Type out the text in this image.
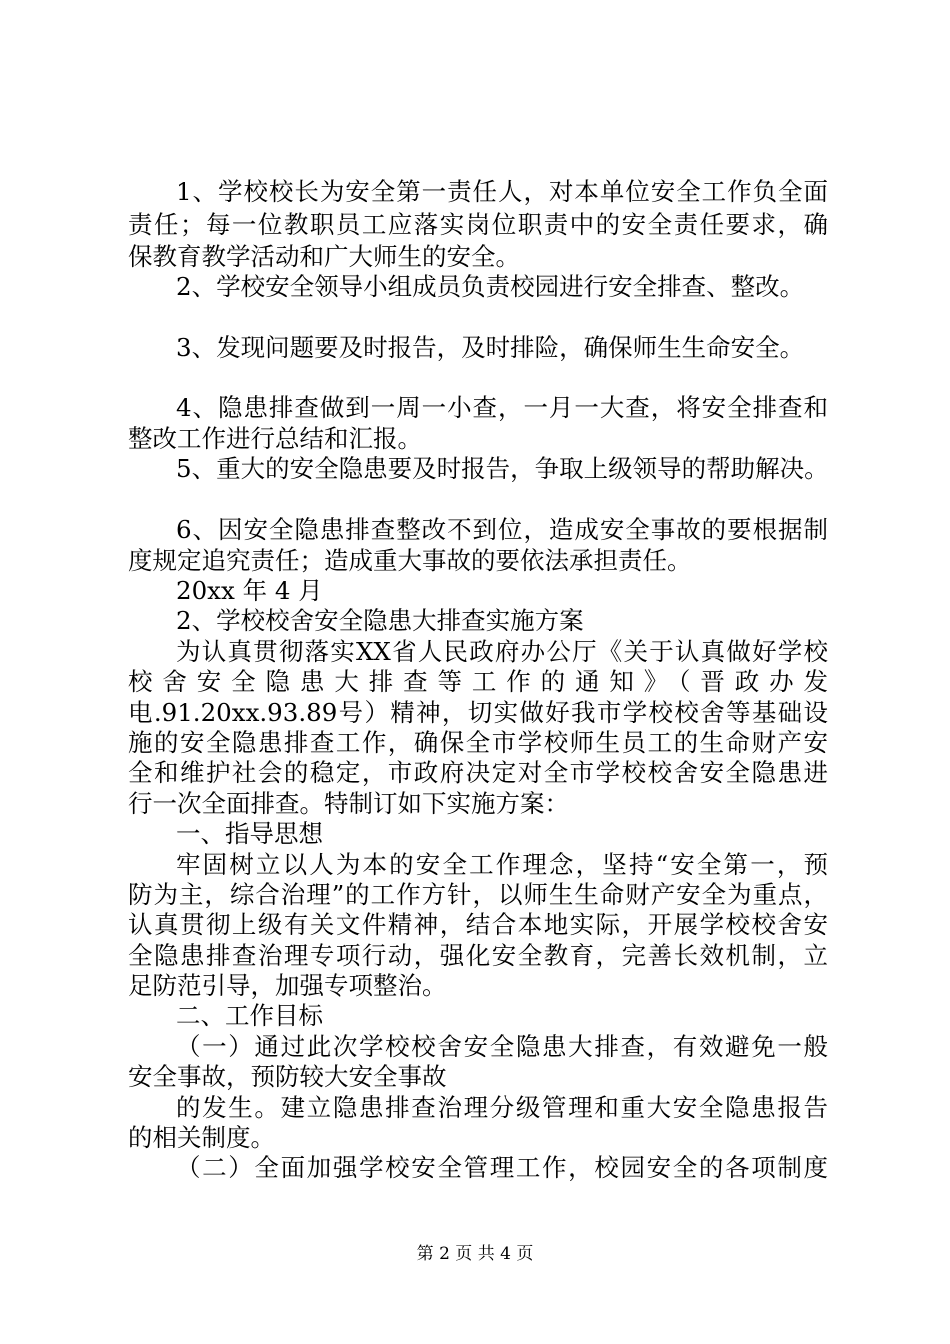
1、学校校长为安全第一责任人，对本单位安全工作负全面
责任；每一位教职员工应落实岗位职责中的安全责任要求，确
保教育教学活动和广大师生的安全。
2、学校安全领导小组成员负责校园进行安全排查、整改。
3、发现问题要及时报告，及时排险，确保师生生命安全。
4、隐患排查做到一周一小查，一月一大查，将安全排查和
整改工作进行总结和汇报。
5、重大的安全隐患要及时报告，争取上级领导的帮助解决。
6、因安全隐患排查整改不到位，造成安全事故的要根据制
度规定追究责任；造成重大事故的要依法承担责任。
20xx 年 4 月
2、学校校舍安全隐患大排查实施方案
为认真贯彻落实XX省人民政府办公厅《关于认真做好学校
校舍安全隐患大排查等工作的通知》（晋政办发
电.91.20xx.93.89号）精神，切实做好我市学校校舍等基础设
施的安全隐患排查工作，确保全市学校师生员工的生命财产安
全和维护社会的稳定，市政府决定对全市学校校舍安全隐患进
行一次全面排查。特制订如下实施方案：
一、指导思想
牢固树立以人为本的安全工作理念，坚持“安全第一，预
防为主，综合治理”的工作方针，以师生生命财产安全为重点，
认真贯彻上级有关文件精神，结合本地实际，开展学校校舍安
全隐患排查治理专项行动，强化安全教育，完善长效机制，立
足防范引导，加强专项整治。
二、工作目标
（一）通过此次学校校舍安全隐患大排查，有效避免一般
安全事故，预防较大安全事故
的发生。建立隐患排查治理分级管理和重大安全隐患报告
的相关制度。
（二）全面加强学校安全管理工作，校园安全的各项制度
第 2 页 共 4 页
